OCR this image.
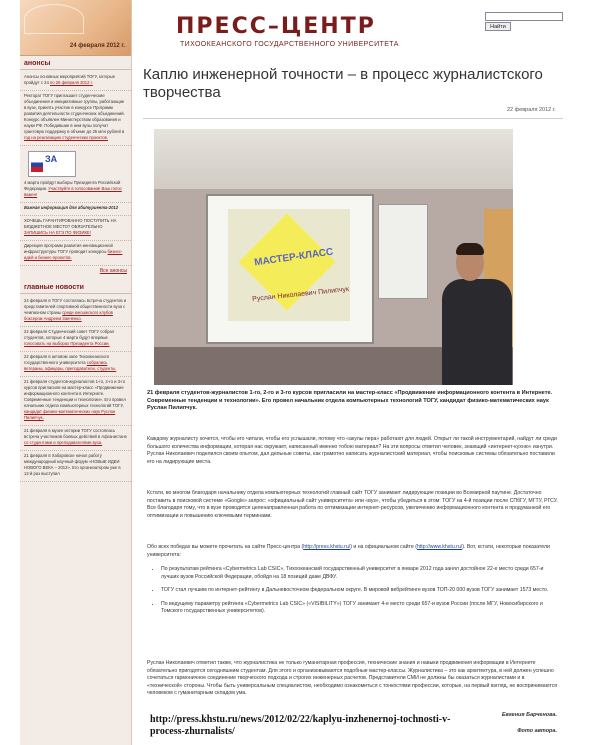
24 февраля 2012 г.
анонсы
Анонсы основных мероприятий ТОГУ, которые пройдут с 24 по 26 февраля 2012 г.
Ректорат ТОГУ приглашает студенческие объединения и инициативные группы, работающие в вузе, принять участие в конкурсе Программ развития деятельности студенческих объединений. Конкурс объявлен Министерством образования и науки РФ. Победившие в нем вузы получат грантовую поддержку в объеме до 25 млн рублей в год на реализацию студенческих проектов.
ЗА
4 марта пройдут выборы Президента Российской Федерации. Участвуйте в голосовании! Ваш голос важен!
Важная информация для абитуриента-2012
ХОЧЕШЬ ГАРАНТИРОВАННО ПОСТУПИТЬ НА БЮДЖЕТНОЕ МЕСТО? ОБЯЗАТЕЛЬНО ЗАПИШИСЬ НА ЕГЭ ПО ФИЗИКЕ!
Дирекция программ развития инновационной инфраструктуры ТОГУ проводит конкурсы бизнес-идей и бизнес-проектов.
Все анонсы
главные новости
24 февраля в ТОГУ состоялась встреча студентов и представителей спортивной общественности вуза с чемпионом страны среди юношеского клубов боксером Андреем Заиченко.
22 февраля Студенческий совет ТОГУ собрал студентов, которые 4 марта будут впервые голосовать на выборах Президента России.
22 февраля в актовом зале Тихоокеанского государственного университета собрались ветераны, офицеры, преподаватели, студенты.
21 февраля студентов-журналистов 1-го, 2-го и 3-го курсов пригласили на мастер-класс «Продвижение информационного контента в Интернете. Современные тенденции и технологии». Его провел начальник отдела компьютерных технологий ТОГУ, кандидат физико-математических наук Руслан Пилипчук.
21 февраля в музее истории ТОГУ состоялась встреча участников боевых действий в Афганистане со студентами и преподавателями вуза.
21 февраля в Хабаровске начал работу международный научный форум «НОВЫЕ ИДЕИ НОВОГО ВЕКА – 2012». Его организатором уже в 12-й раз выступил
ПРЕСС–ЦЕНТР
ТИХООКЕАНСКОГО ГОСУДАРСТВЕННОГО УНИВЕРСИТЕТА
Найти
Каплю инженерной точности – в процесс журналистского творчества
22 февраля 2012 г.
МАСТЕР-КЛАСС
Руслан Николаевич Пилипчук

21 февраля студентов-журналистов 1-го, 2-го и 3-го курсов пригласили на мастер-класс «Продвижение информационного контента в Интернете. Современные тенденции и технологии». Его провел начальник отдела компьютерных технологий ТОГУ, кандидат физико-математических наук Руслан Пилипчук.

Каждому журналисту хочется, чтобы его читали, чтобы его услышали, потому что «акулы пера» работают для людей. Открыт ли такой инструментарий, найдут ли среди большого количества информации, которая нас окружает, написанный именно тобою материал? На эти вопросы ответил человек, знающий «интернет-кухню» изнутри. Руслан Николаевич поделился своим опытом, дал дельные советы, как грамотно написать журналистский материал, чтобы поисковые системы обязательно поставили его на лидирующие места.

Кстати, во многом благодаря начальнику отдела компьютерных технологий главный сайт ТОГУ занимает лидирующие позиции во Всемирной паутине. Достаточно поставить в поисковой системе «Google» запрос: «официальный сайт университета» или «вуз», чтобы убедиться в этом: ТОГУ на 4-й позиции после СПбГУ, МГТУ, РГСУ. Все благодаря тому, что в вузе проводится целенаправленная работа по оптимизации интернет-ресурсов, увеличению информационного контента и продуманной его оптимизации и повышению ключевыми терминами.

Обо всех победах вы можете прочитать на сайте Пресс-центра (http://press.khstu.ru/) и на официальном сайте (http://www.khstu.ru/). Вот, кстати, некоторые показатели университета:

• По результатам рейтинга «Cybermetrics Lab CSIC», Тихоокеанский государственный университет в январе 2012 года занял достойное 22-е место среди 657-и лучших вузов Российской Федерации, обойдя на 18 позиций даже ДВФУ.
• ТОГУ стал лучшим по интернет-рейтингу в Дальневосточном федеральном округе. В мировой вебрейтинге вузов ТОП-20 000 вузов ТОГУ занимает 1573 место.
• По ведущему параметру рейтинга «Cybermetrics Lab CSIC» («VISIBILITY») ТОГУ занимает 4-е место среди 657-и вузов России (после МГУ, Новосибирского и Томского государственных университетов).

Руслан Николаевич отметил также, что журналистика не только гуманитарная профессия, технические знания и навыки продвижения информации в Интернете обязательно пригодятся сегодняшним студентам. Для этого и организовываются подобные мастер-классы. Журналистика – это как архитектура, в ней должен успешно сочетаться гармоничное соединение творческого подхода и строгих инженерных расчетов. Представители СМИ не должны бы оказаться журналистами и в «технической» стороны. Чтобы быть универсальным специалистом, необходимо ознакомиться с тонкостями профессии, которые, на первый взгляд, не воспринимаются человеком с гуманитарным складом ума.

Евгения Барченова.
Фото автора.
http://press.khstu.ru/news/2012/02/22/kaplyu-inzhenernoj-tochnosti-v-process-zhurnalists/
